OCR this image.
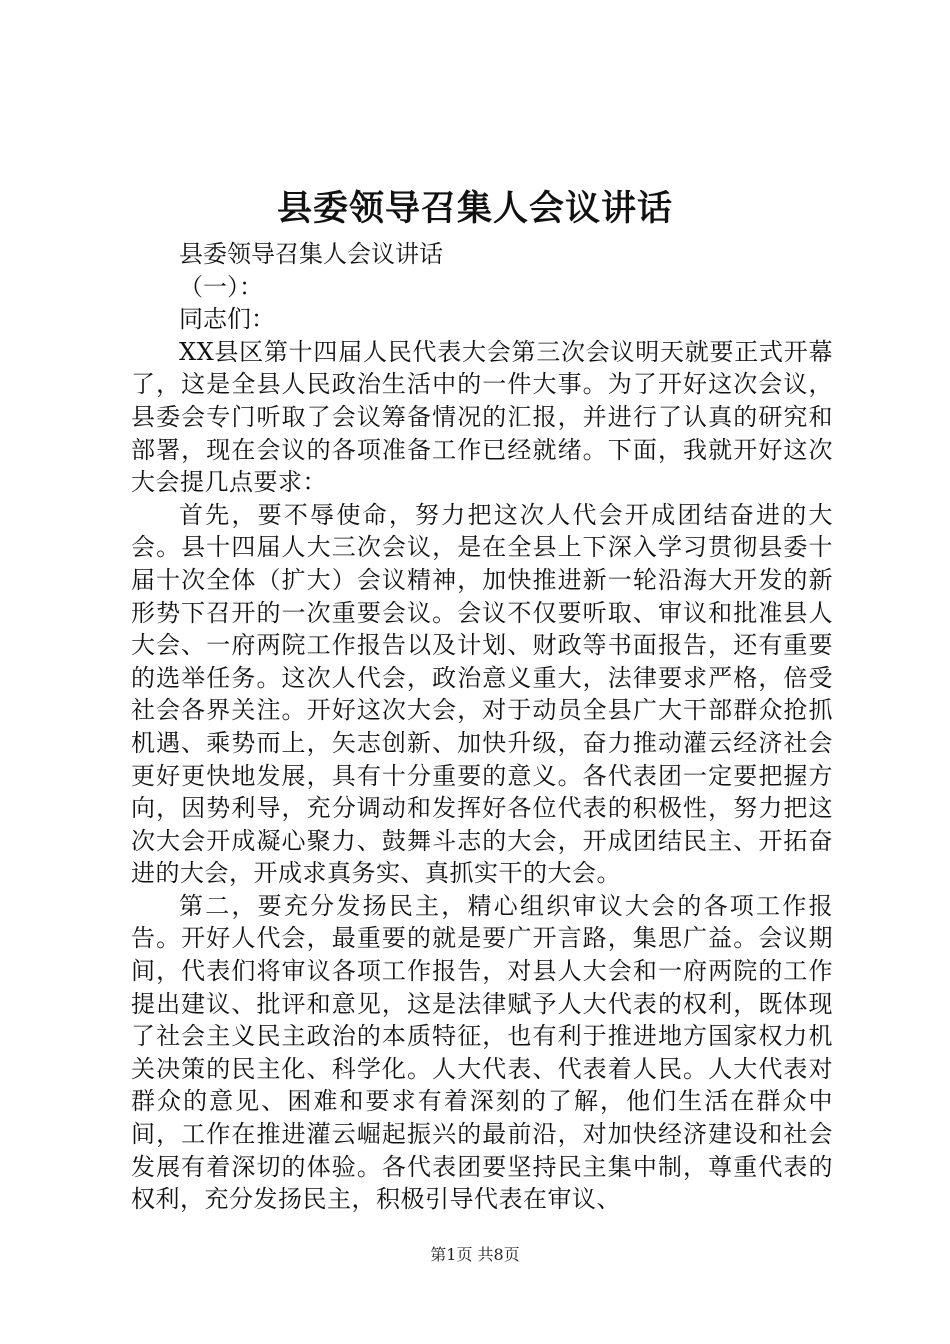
县委领导召集人会议讲话

县委领导召集人会议讲话

（一）：

同志们：

XX县区第十四届人民代表大会第三次会议明天就要正式开幕了，这是全县人民政治生活中的一件大事。为了开好这次会议，县委会专门听取了会议筹备情况的汇报，并进行了认真的研究和部署，现在会议的各项准备工作已经就绪。下面，我就开好这次大会提几点要求：

首先，要不辱使命，努力把这次人代会开成团结奋进的大会。县十四届人大三次会议，是在全县上下深入学习贯彻县委十届十次全体（扩大）会议精神，加快推进新一轮沿海大开发的新形势下召开的一次重要会议。会议不仅要听取、审议和批准县人大会、一府两院工作报告以及计划、财政等书面报告，还有重要的选举任务。这次人代会，政治意义重大，法律要求严格，倍受社会各界关注。开好这次大会，对于动员全县广大干部群众抢抓机遇、乘势而上，矢志创新、加快升级，奋力推动灌云经济社会更好更快地发展，具有十分重要的意义。各代表团一定要把握方向，因势利导，充分调动和发挥好各位代表的积极性，努力把这次大会开成凝心聚力、鼓舞斗志的大会，开成团结民主、开拓奋进的大会，开成求真务实、真抓实干的大会。

第二，要充分发扬民主，精心组织审议大会的各项工作报告。开好人代会，最重要的就是要广开言路，集思广益。会议期间，代表们将审议各项工作报告，对县人大会和一府两院的工作提出建议、批评和意见，这是法律赋予人大代表的权利，既体现了社会主义民主政治的本质特征，也有利于推进地方国家权力机关决策的民主化、科学化。人大代表、代表着人民。人大代表对群众的意见、困难和要求有着深刻的了解，他们生活在群众中间，工作在推进灌云崛起振兴的最前沿，对加快经济建设和社会发展有着深切的体验。各代表团要坚持民主集中制，尊重代表的权利，充分发扬民主，积极引导代表在审议、

第1页 共8页
